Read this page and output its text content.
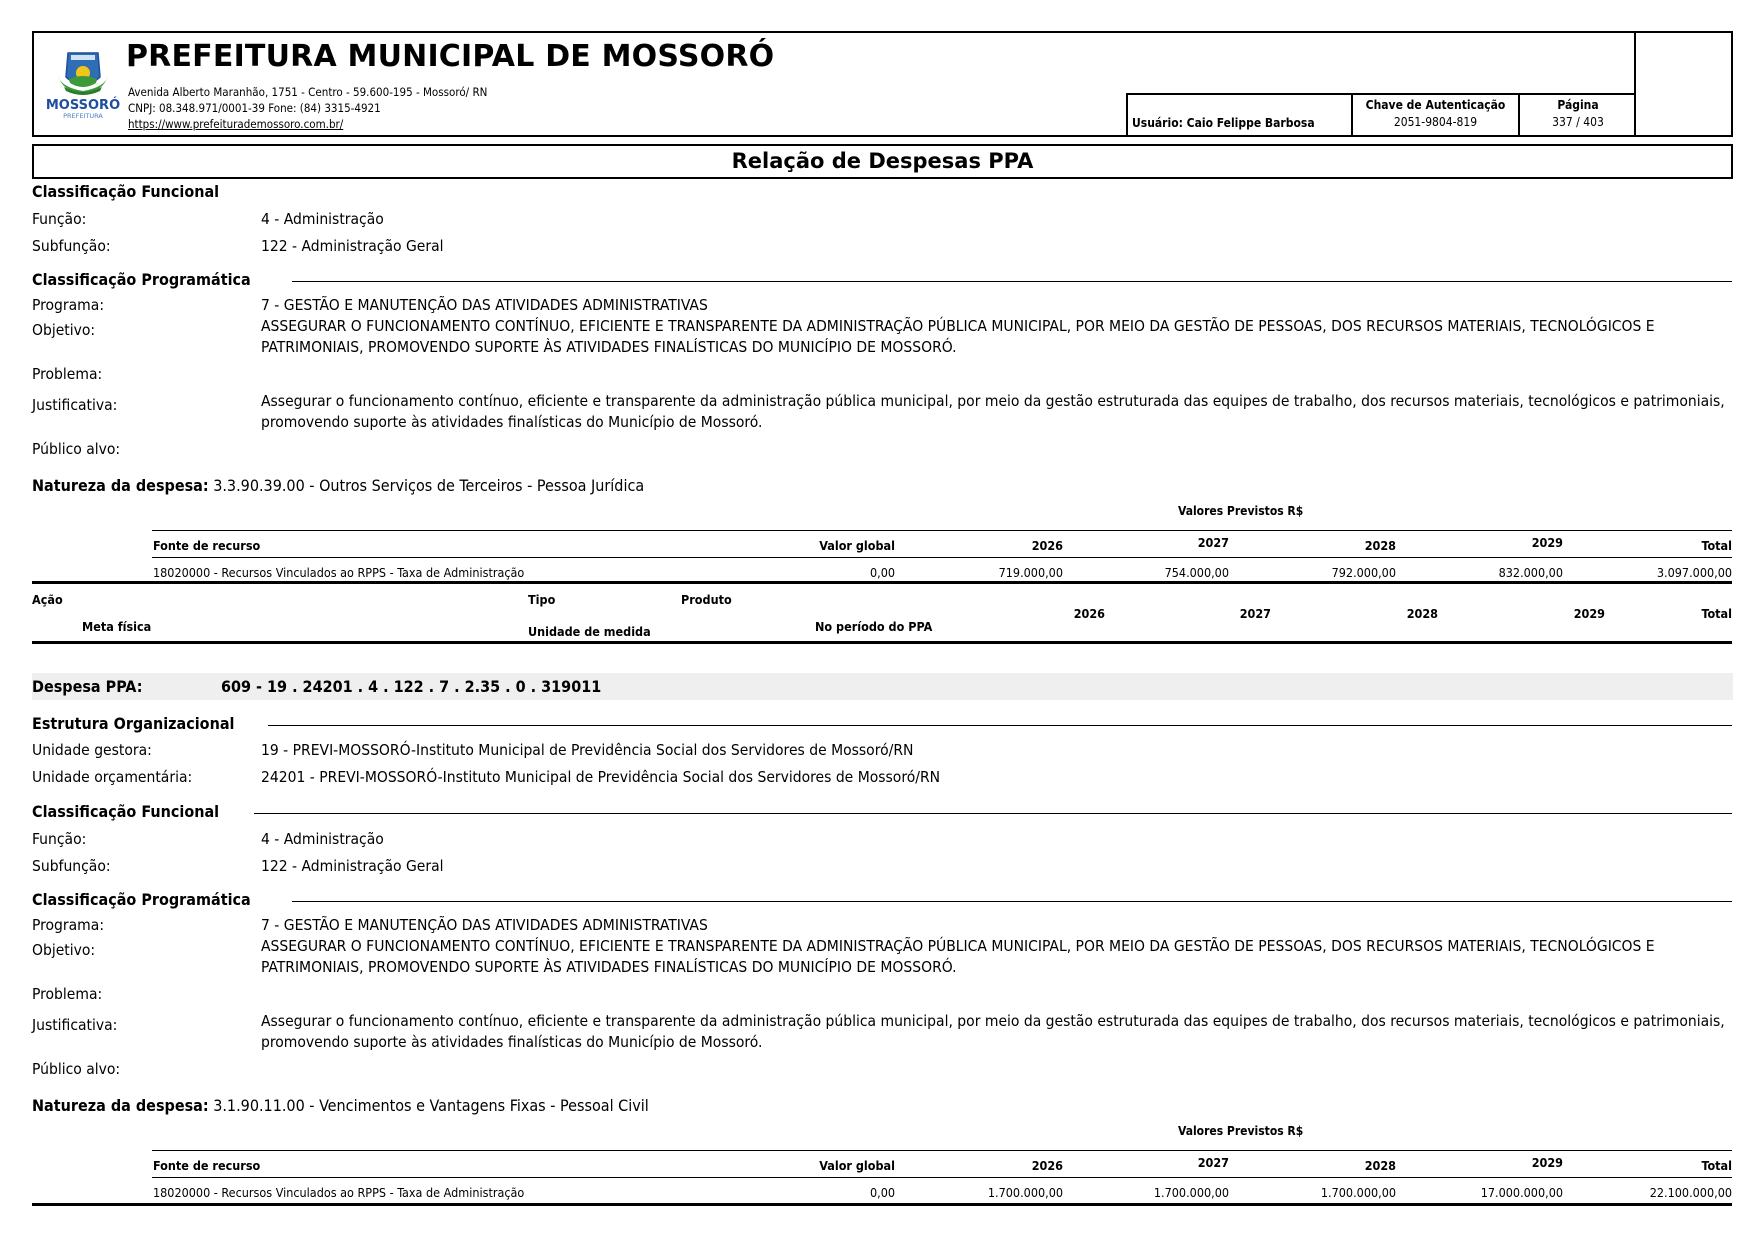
MOSSORÓ
PREFEITURA
PREFEITURA MUNICIPAL DE MOSSORÓ
Avenida Alberto Maranhão, 1751 - Centro - 59.600-195 - Mossoró/ RN
CNPJ: 08.348.971/0001-39 Fone: (84) 3315-4921
https://www.prefeiturademossoro.com.br/	Usuário: Caio Felippe Barbosa
Chave de Autenticação
2051-9804-819
Página
337 / 403
Relação de Despesas PPA
Classificação Funcional
Função:	4 - Administração
Subfunção:	122 - Administração Geral
Classificação Programática
Programa:	7 - GESTÃO E MANUTENÇÃO DAS ATIVIDADES ADMINISTRATIVAS
Objetivo:	ASSEGURAR O FUNCIONAMENTO CONTÍNUO, EFICIENTE E TRANSPARENTE DA ADMINISTRAÇÃO PÚBLICA MUNICIPAL, POR MEIO DA GESTÃO DE PESSOAS, DOS RECURSOS MATERIAIS, TECNOLÓGICOS E PATRIMONIAIS, PROMOVENDO SUPORTE ÀS ATIVIDADES FINALÍSTICAS DO MUNICÍPIO DE MOSSORÓ.
Problema:
Justificativa:	Assegurar o funcionamento contínuo, eficiente e transparente da administração pública municipal, por meio da gestão estruturada das equipes de trabalho, dos recursos materiais, tecnológicos e patrimoniais, promovendo suporte às atividades finalísticas do Município de Mossoró.
Público alvo:
Natureza da despesa: 3.3.90.39.00 - Outros Serviços de Terceiros - Pessoa Jurídica
Valores Previstos R$
Fonte de recurso	Valor global	2026	2027	2028	2029	Total
18020000 - Recursos Vinculados ao RPPS - Taxa de Administração	0,00	719.000,00	754.000,00	792.000,00	832.000,00	3.097.000,00
Ação	Tipo	Produto
Meta física	Unidade de medida	No período do PPA
2026	2027	2028	2029	Total
Despesa PPA:	609 - 19 . 24201 . 4 . 122 . 7 . 2.35 . 0 . 319011
Estrutura Organizacional
Unidade gestora:	19 - PREVI-MOSSORÓ-Instituto Municipal de Previdência Social dos Servidores de Mossoró/RN
Unidade orçamentária:	24201 - PREVI-MOSSORÓ-Instituto Municipal de Previdência Social dos Servidores de Mossoró/RN
Classificação Funcional
Função:	4 - Administração
Subfunção:	122 - Administração Geral
Classificação Programática
Programa:	7 - GESTÃO E MANUTENÇÃO DAS ATIVIDADES ADMINISTRATIVAS
Objetivo:	ASSEGURAR O FUNCIONAMENTO CONTÍNUO, EFICIENTE E TRANSPARENTE DA ADMINISTRAÇÃO PÚBLICA MUNICIPAL, POR MEIO DA GESTÃO DE PESSOAS, DOS RECURSOS MATERIAIS, TECNOLÓGICOS E PATRIMONIAIS, PROMOVENDO SUPORTE ÀS ATIVIDADES FINALÍSTICAS DO MUNICÍPIO DE MOSSORÓ.
Problema:
Justificativa:	Assegurar o funcionamento contínuo, eficiente e transparente da administração pública municipal, por meio da gestão estruturada das equipes de trabalho, dos recursos materiais, tecnológicos e patrimoniais, promovendo suporte às atividades finalísticas do Município de Mossoró.
Público alvo:
Natureza da despesa: 3.1.90.11.00 - Vencimentos e Vantagens Fixas - Pessoal Civil
Valores Previstos R$
Fonte de recurso	Valor global	2026	2027	2028	2029	Total
18020000 - Recursos Vinculados ao RPPS - Taxa de Administração	0,00	1.700.000,00	1.700.000,00	1.700.000,00	17.000.000,00	22.100.000,00
